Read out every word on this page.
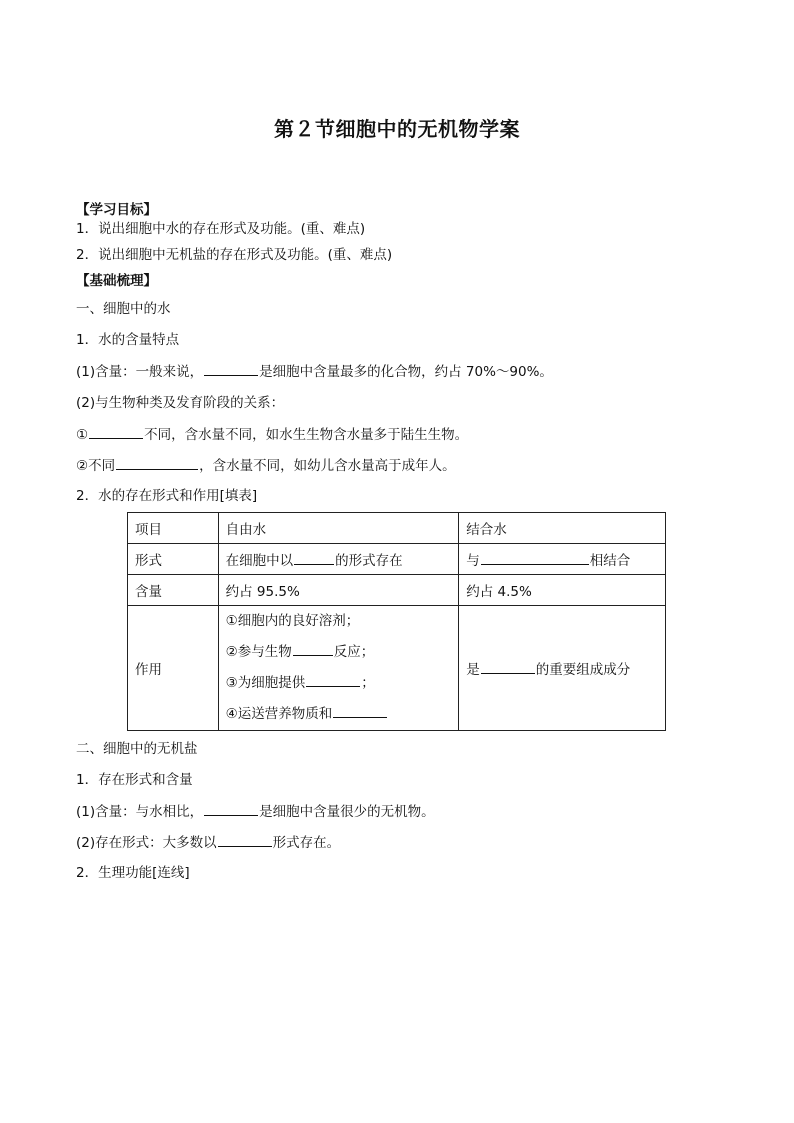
第２节细胞中的无机物学案
【学习目标】
1．说出细胞中水的存在形式及功能。(重、难点)
2．说出细胞中无机盐的存在形式及功能。(重、难点)
【基础梳理】
一、细胞中的水
1．水的含量特点
(1)含量：一般来说，	是细胞中含量最多的化合物，约占 70%～90%。
(2)与生物种类及发育阶段的关系：
①	不同，含水量不同，如水生生物含水量多于陆生生物。
②不同	，含水量不同，如幼儿含水量高于成年人。
2．水的存在形式和作用[填表]
项目	自由水	结合水
形式	在细胞中以 的形式存在	与 相结合
含量	约占 95.5%	约占 4.5%
作用	①细胞内的良好溶剂；
②参与生物 反应；
③为细胞提供 ；
④运送营养物质和	是 的重要组成成分
二、细胞中的无机盐
1．存在形式和含量
(1)含量：与水相比，	是细胞中含量很少的无机物。
(2)存在形式：大多数以	形式存在。
2．生理功能[连线]
